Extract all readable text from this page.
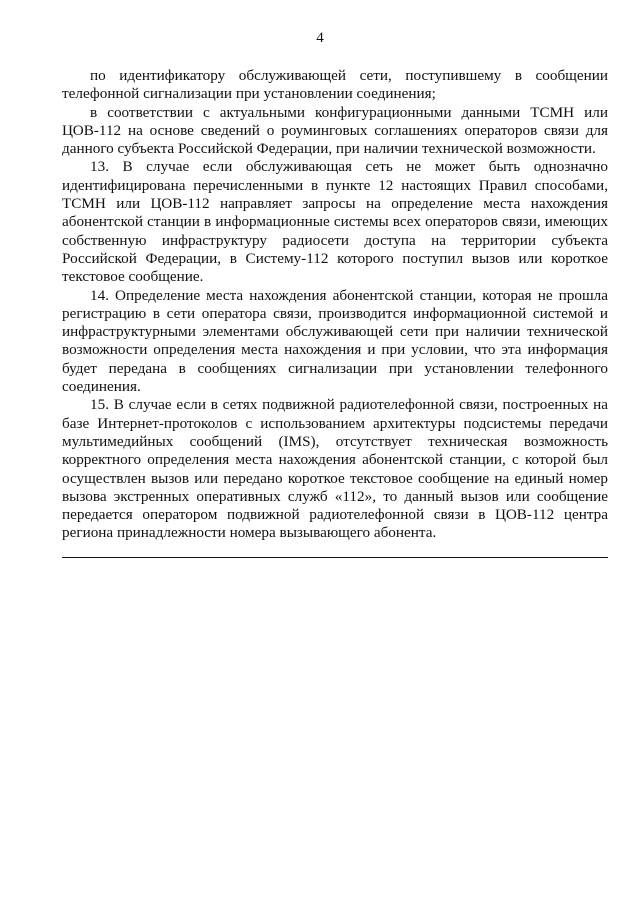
4

по идентификатору обслуживающей сети, поступившему в сообщении телефонной сигнализации при установлении соединения;

в соответствии с актуальными конфигурационными данными ТСМН или ЦОВ-112 на основе сведений о роуминговых соглашениях операторов связи для данного субъекта Российской Федерации, при наличии технической возможности.

13. В случае если обслуживающая сеть не может быть однозначно идентифицирована перечисленными в пункте 12 настоящих Правил способами, ТСМН или ЦОВ-112 направляет запросы на определение места нахождения абонентской станции в информационные системы всех операторов связи, имеющих собственную инфраструктуру радиосети доступа на территории субъекта Российской Федерации, в Систему-112 которого поступил вызов или короткое текстовое сообщение.

14. Определение места нахождения абонентской станции, которая не прошла регистрацию в сети оператора связи, производится информационной системой и инфраструктурными элементами обслуживающей сети при наличии технической возможности определения места нахождения и при условии, что эта информация будет передана в сообщениях сигнализации при установлении телефонного соединения.

15. В случае если в сетях подвижной радиотелефонной связи, построенных на базе Интернет-протоколов с использованием архитектуры подсистемы передачи мультимедийных сообщений (IMS), отсутствует техническая возможность корректного определения места нахождения абонентской станции, с которой был осуществлен вызов или передано короткое текстовое сообщение на единый номер вызова экстренных оперативных служб «112», то данный вызов или сообщение передается оператором подвижной радиотелефонной связи в ЦОВ-112 центра региона принадлежности номера вызывающего абонента.
